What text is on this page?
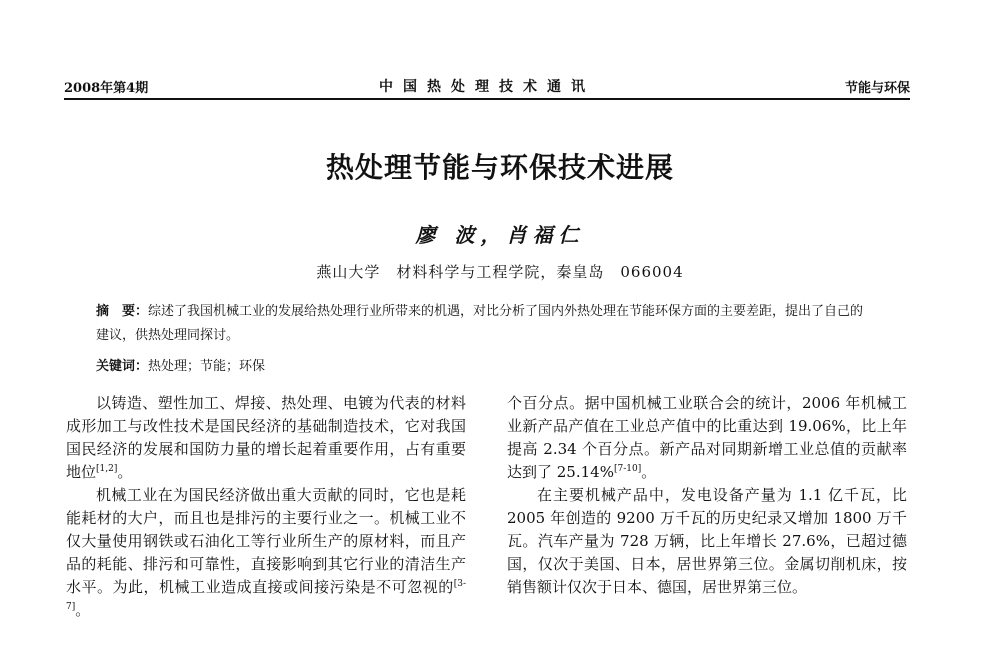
2008年第4期	中国热处理技术通讯	节能与环保
热处理节能与环保技术进展
廖 波，肖福仁
燕山大学　材料科学与工程学院，秦皇岛　066004
摘　要：综述了我国机械工业的发展给热处理行业所带来的机遇，对比分析了国内外热处理在节能环保方面的主要差距，提出了自己的建议，供热处理同探讨。
关键词：热处理；节能；环保

以铸造、塑性加工、焊接、热处理、电镀为代表的材料成形加工与改性技术是国民经济的基础制造技术，它对我国国民经济的发展和国防力量的增长起着重要作用，占有重要地位[1,2]。

机械工业在为国民经济做出重大贡献的同时，它也是耗能耗材的大户，而且也是排污的主要行业之一。机械工业不仅大量使用钢铁或石油化工等行业所生产的原材料，而且产品的耗能、排污和可靠性，直接影响到其它行业的清洁生产水平。为此，机械工业造成直接或间接污染是不可忽视的[3-7]。

个百分点。据中国机械工业联合会的统计，2006 年机械工业新产品产值在工业总产值中的比重达到 19.06%，比上年提高 2.34 个百分点。新产品对同期新增工业总值的贡献率达到了 25.14%[7-10]。

在主要机械产品中，发电设备产量为 1.1 亿千瓦，比 2005 年创造的 9200 万千瓦的历史纪录又增加 1800 万千瓦。汽车产量为 728 万辆，比上年增长 27.6%，已超过德国，仅次于美国、日本，居世界第三位。金属切削机床，按销售额计仅次于日本、德国，居世界第三位。
